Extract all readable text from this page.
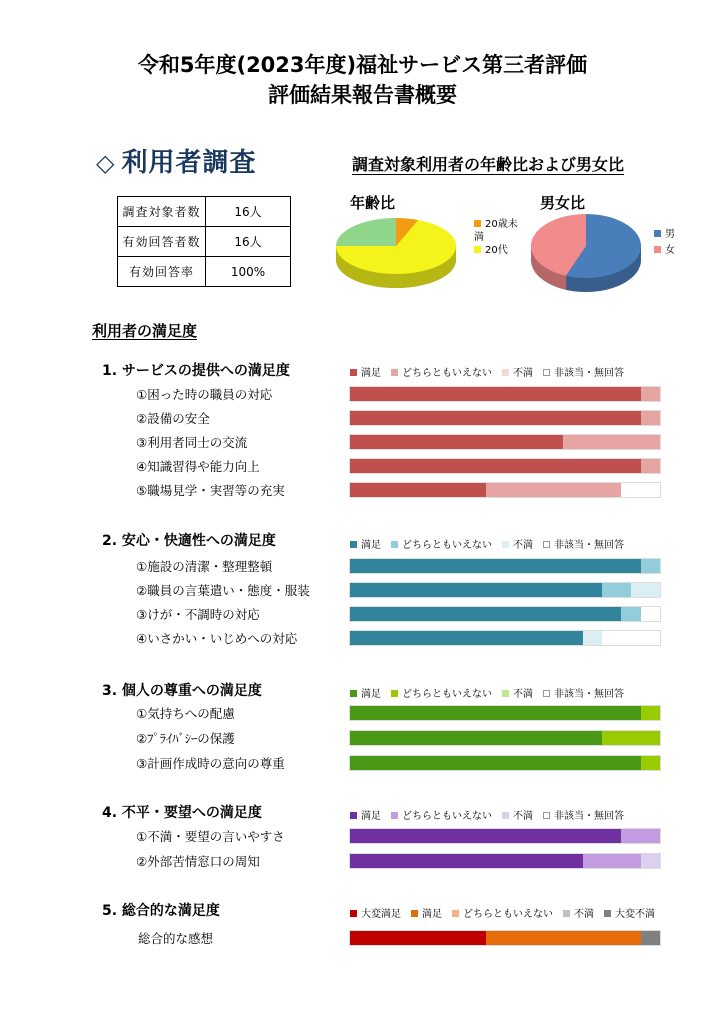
令和5年度(2023年度)福祉サービス第三者評価
評価結果報告書概要
◇ 利用者調査	調査対象利用者の年齢比および男女比
調査対象者数	16人
有効回答者数	16人
有効回答率	100%
年齢比
20歳未満
20代
男女比
男
女
利用者の満足度
1. サービスの提供への満足度	満足 どちらともいえない 不満 非該当・無回答
①困った時の職員の対応
②設備の安全
③利用者同士の交流
④知識習得や能力向上
⑤職場見学・実習等の充実
2. 安心・快適性への満足度	満足 どちらともいえない 不満 非該当・無回答
①施設の清潔・整理整頓
②職員の言葉遣い・態度・服装
③けが・不調時の対応
④いさかい・いじめへの対応
3. 個人の尊重への満足度	満足 どちらともいえない 不満 非該当・無回答
①気持ちへの配慮
②ﾌﾟﾗｲﾊﾞｼｰの保護
③計画作成時の意向の尊重
4. 不平・要望への満足度	満足 どちらともいえない 不満 非該当・無回答
①不満・要望の言いやすさ
②外部苦情窓口の周知
5. 総合的な満足度	大変満足 満足 どちらともいえない 不満 大変不満
総合的な感想
